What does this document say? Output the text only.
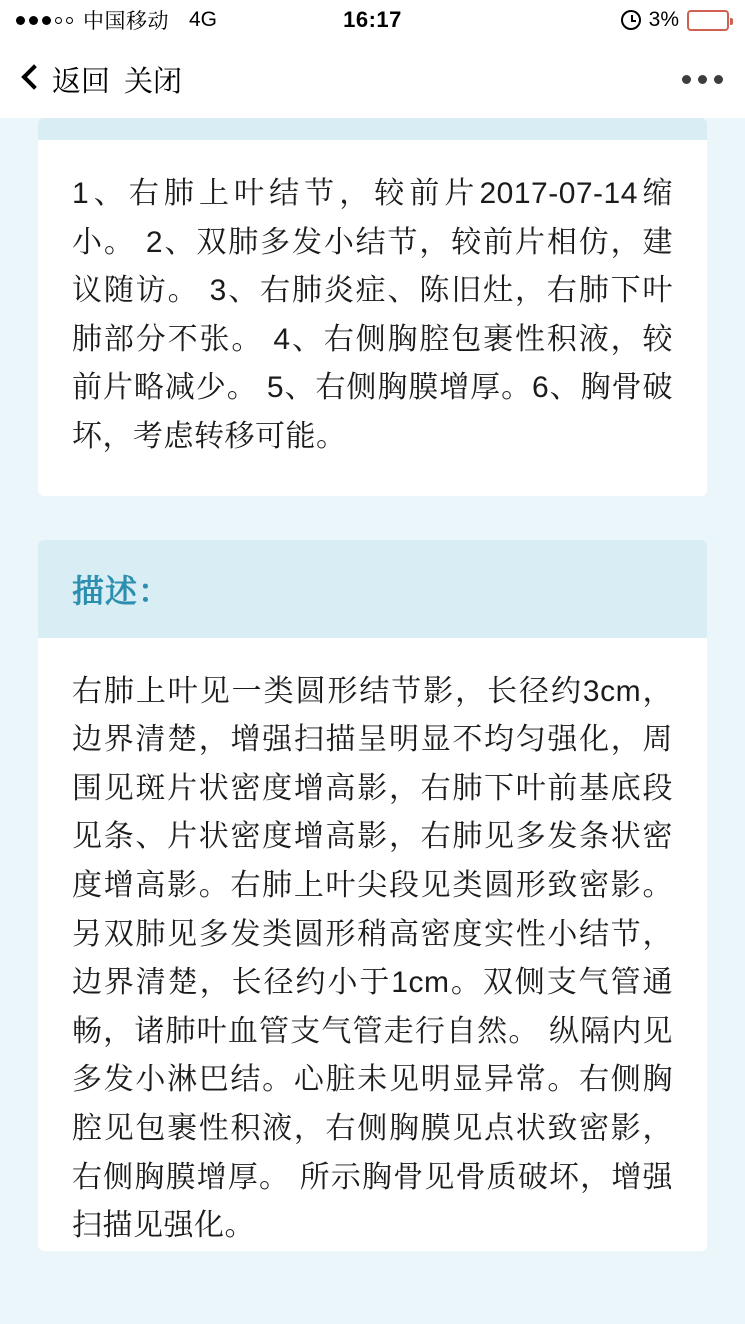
中国移动 4G	16:17	3%
返回 关闭
1、右肺上叶结节，较前片2017-07-14缩小。 2、双肺多发小结节，较前片相仿，建议随访。 3、右肺炎症、陈旧灶，右肺下叶肺部分不张。 4、右侧胸腔包裹性积液，较前片略减少。 5、右侧胸膜增厚。6、胸骨破坏，考虑转移可能。
描述：
右肺上叶见一类圆形结节影，长径约3cm，边界清楚，增强扫描呈明显不均匀强化，周围见斑片状密度增高影，右肺下叶前基底段见条、片状密度增高影，右肺见多发条状密度增高影。右肺上叶尖段见类圆形致密影。另双肺见多发类圆形稍高密度实性小结节，边界清楚，长径约小于1cm。双侧支气管通畅，诸肺叶血管支气管走行自然。 纵隔内见多发小淋巴结。心脏未见明显异常。右侧胸腔见包裹性积液，右侧胸膜见点状致密影，右侧胸膜增厚。 所示胸骨见骨质破坏，增强扫描见强化。
